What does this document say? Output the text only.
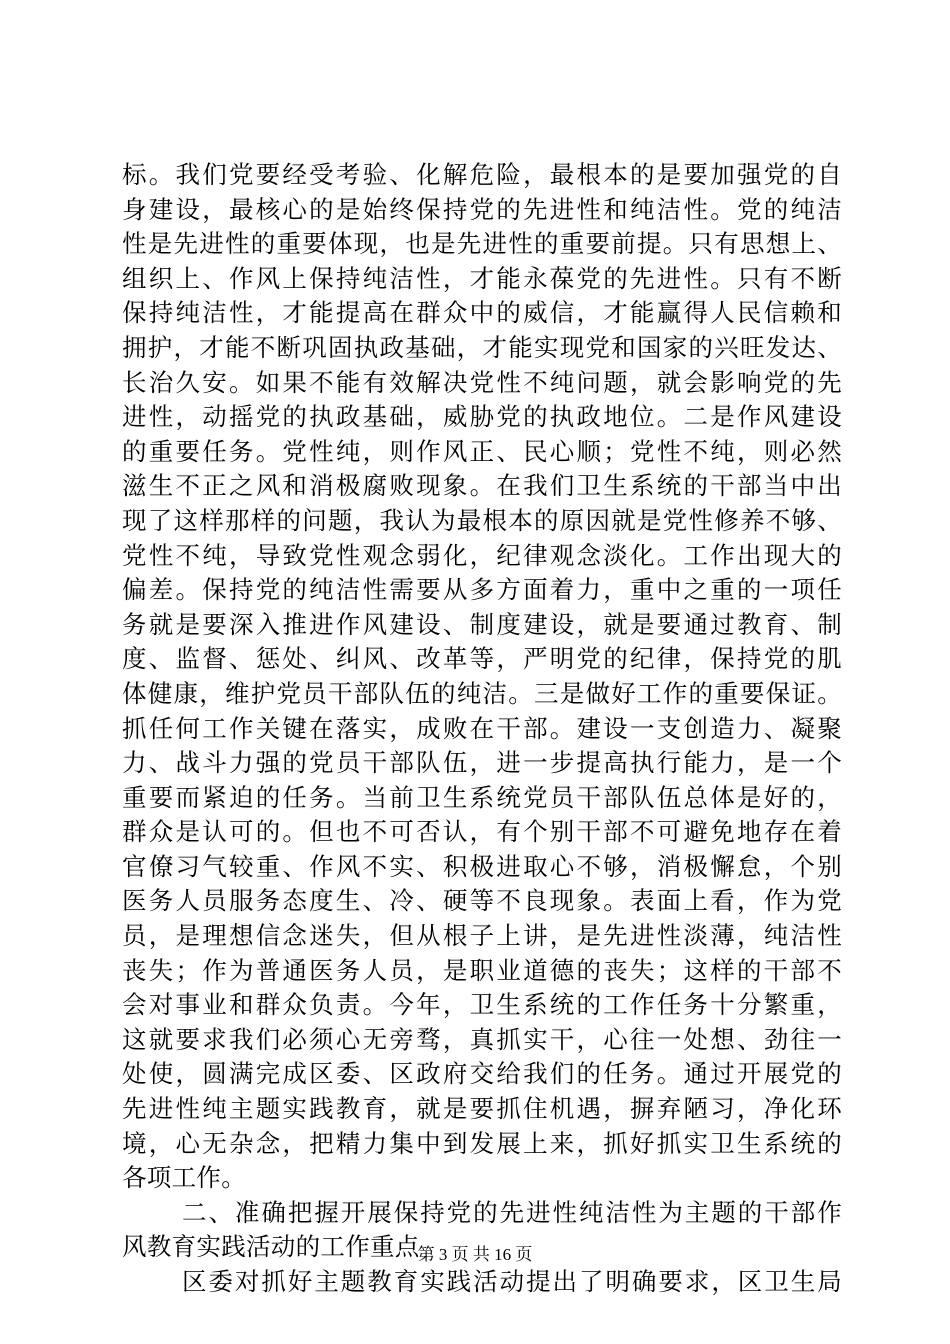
标。我们党要经受考验、化解危险，最根本的是要加强党的自
身建设，最核心的是始终保持党的先进性和纯洁性。党的纯洁
性是先进性的重要体现，也是先进性的重要前提。只有思想上、
组织上、作风上保持纯洁性，才能永葆党的先进性。只有不断
保持纯洁性，才能提高在群众中的威信，才能赢得人民信赖和
拥护，才能不断巩固执政基础，才能实现党和国家的兴旺发达、
长治久安。如果不能有效解决党性不纯问题，就会影响党的先
进性，动摇党的执政基础，威胁党的执政地位。二是作风建设
的重要任务。党性纯，则作风正、民心顺；党性不纯，则必然
滋生不正之风和消极腐败现象。在我们卫生系统的干部当中出
现了这样那样的问题，我认为最根本的原因就是党性修养不够、
党性不纯，导致党性观念弱化，纪律观念淡化。工作出现大的
偏差。保持党的纯洁性需要从多方面着力，重中之重的一项任
务就是要深入推进作风建设、制度建设，就是要通过教育、制
度、监督、惩处、纠风、改革等，严明党的纪律，保持党的肌
体健康，维护党员干部队伍的纯洁。三是做好工作的重要保证。
抓任何工作关键在落实，成败在干部。建设一支创造力、凝聚
力、战斗力强的党员干部队伍，进一步提高执行能力，是一个
重要而紧迫的任务。当前卫生系统党员干部队伍总体是好的，
群众是认可的。但也不可否认，有个别干部不可避免地存在着
官僚习气较重、作风不实、积极进取心不够，消极懈怠，个别
医务人员服务态度生、冷、硬等不良现象。表面上看，作为党
员，是理想信念迷失，但从根子上讲，是先进性淡薄，纯洁性
丧失；作为普通医务人员，是职业道德的丧失；这样的干部不
会对事业和群众负责。今年，卫生系统的工作任务十分繁重，
这就要求我们必须心无旁骛，真抓实干，心往一处想、劲往一
处使，圆满完成区委、区政府交给我们的任务。通过开展党的
先进性纯主题实践教育，就是要抓住机遇，摒弃陋习，净化环
境，心无杂念，把精力集中到发展上来，抓好抓实卫生系统的
各项工作。
二、准确把握开展保持党的先进性纯洁性为主题的干部作
风教育实践活动的工作重点
区委对抓好主题教育实践活动提出了明确要求，区卫生局
第 3 页 共 16 页
